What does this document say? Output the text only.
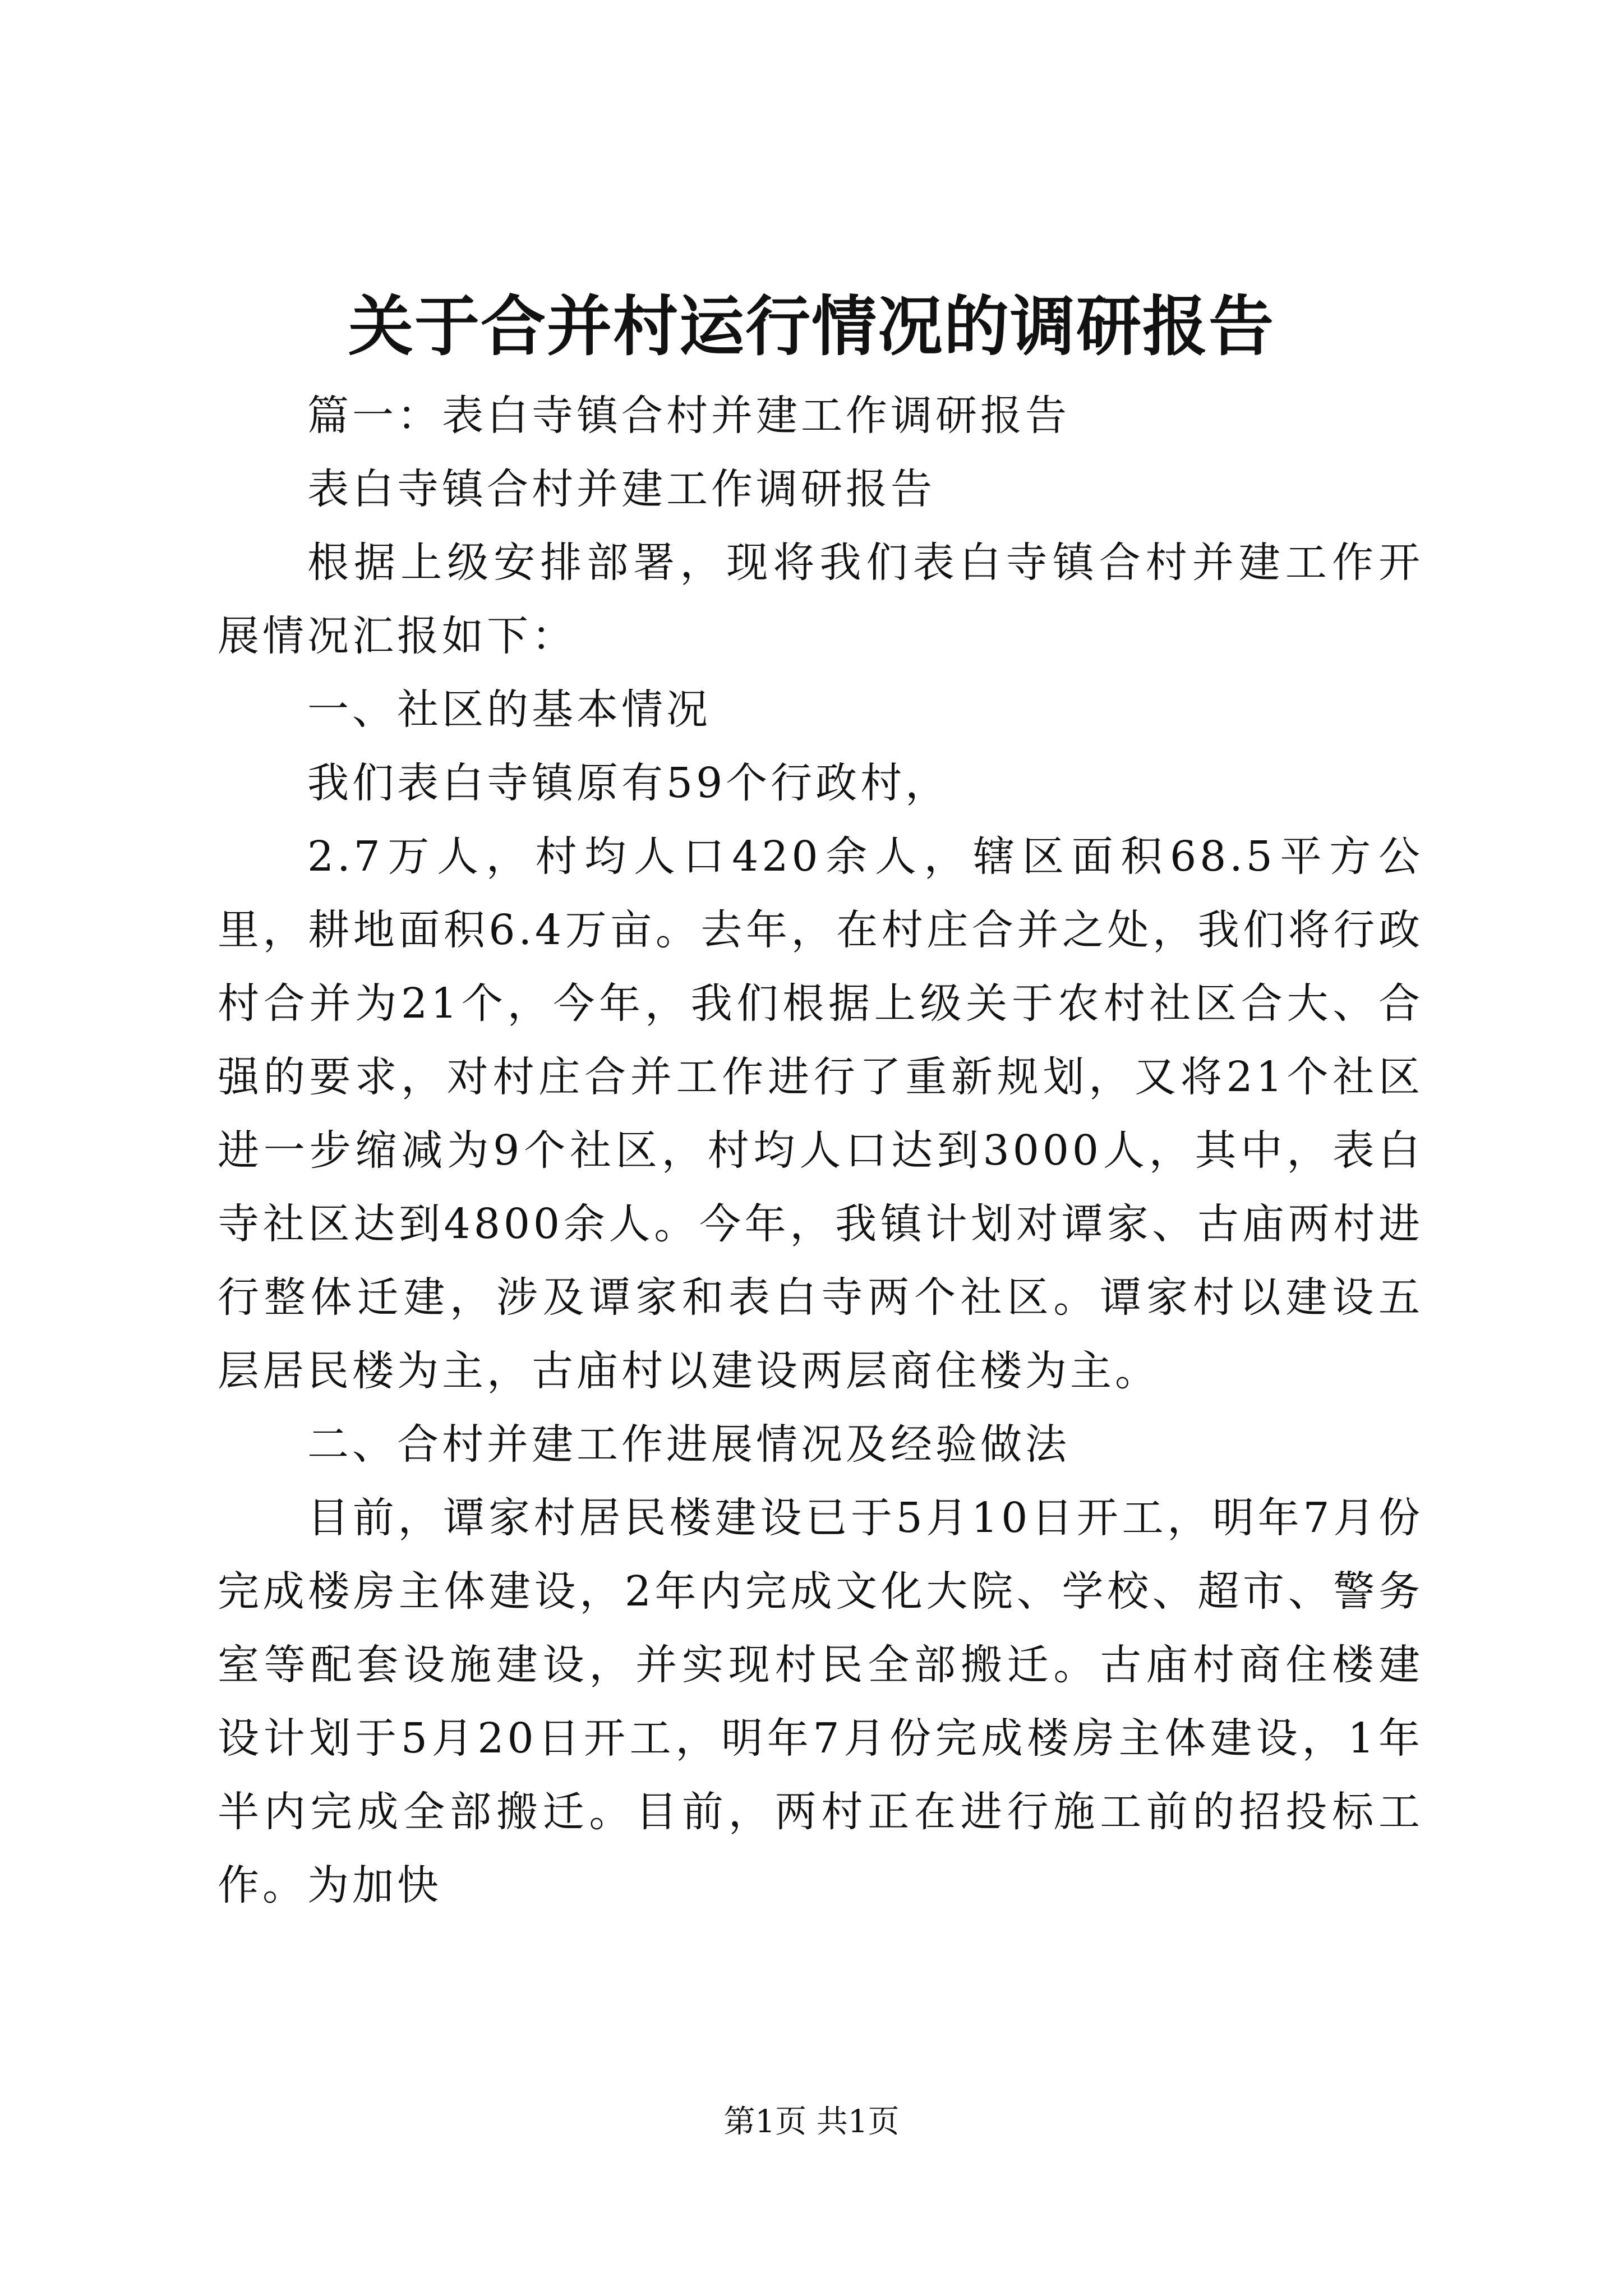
关于合并村运行情况的调研报告

篇一：表白寺镇合村并建工作调研报告

表白寺镇合村并建工作调研报告

根据上级安排部署，现将我们表白寺镇合村并建工作开展情况汇报如下：

一、社区的基本情况

我们表白寺镇原有59个行政村，

2.7万人，村均人口420余人，辖区面积68.5平方公里，耕地面积6.4万亩。去年，在村庄合并之处，我们将行政村合并为21个，今年，我们根据上级关于农村社区合大、合强的要求，对村庄合并工作进行了重新规划，又将21个社区进一步缩减为9个社区，村均人口达到3000人，其中，表白寺社区达到4800余人。今年，我镇计划对谭家、古庙两村进行整体迁建，涉及谭家和表白寺两个社区。谭家村以建设五层居民楼为主，古庙村以建设两层商住楼为主。

二、合村并建工作进展情况及经验做法

目前，谭家村居民楼建设已于5月10日开工，明年7月份完成楼房主体建设，2年内完成文化大院、学校、超市、警务室等配套设施建设，并实现村民全部搬迁。古庙村商住楼建设计划于5月20日开工，明年7月份完成楼房主体建设，1年半内完成全部搬迁。目前，两村正在进行施工前的招投标工作。为加快

第1页 共1页
